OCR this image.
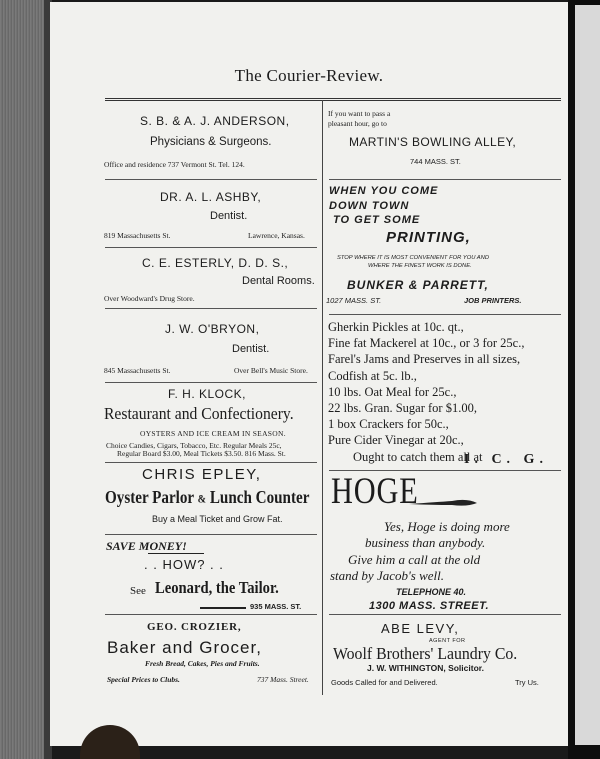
The Courier-Review.
S. B. & A. J. ANDERSON,
Physicians & Surgeons.
Office and residence 737 Vermont St. Tel. 124.
DR. A. L. ASHBY,
Dentist.
819 Massachusetts St.	Lawrence, Kansas.
C. E. ESTERLY, D. D. S.,
Dental Rooms.
Over Woodward's Drug Store.
J. W. O'BRYON,
Dentist.
845 Massachusetts St.	Over Bell's Music Store.
F. H. KLOCK,
Restaurant and Confectionery.
OYSTERS AND ICE CREAM IN SEASON.
Choice Candies, Cigars, Tobacco, Etc. Regular Meals 25c,
Regular Board $3.00, Meal Tickets $3.50. 816 Mass. St.
CHRIS EPLEY,
Oyster Parlor & Lunch Counter
Buy a Meal Ticket and Grow Fat.
SAVE MONEY!
. . HOW? . .
See Leonard, the Tailor.
935 MASS. ST.
GEO. CROZIER,
Baker and Grocer,
Fresh Bread, Cakes, Pies and Fruits.
Special Prices to Clubs.	737 Mass. Street.
If you want to pass a
pleasant hour, go to
MARTIN'S BOWLING ALLEY,
744 MASS. ST.
WHEN YOU COME
DOWN TOWN
TO GET SOME
PRINTING,
STOP WHERE IT IS MOST CONVENIENT FOR YOU AND
WHERE THE FINEST WORK IS DONE.
BUNKER & PARRETT,
1027 MASS. ST.	JOB PRINTERS.
Gherkin Pickles at 10c. qt.,
Fine fat Mackerel at 10c., or 3 for 25c.,
Farel's Jams and Preserves in all sizes,
Codfish at 5c. lb.,
10 lbs. Oat Meal for 25c.,
22 lbs. Gran. Sugar for $1.00,
1 box Crackers for 50c.,
Pure Cider Vinegar at 20c.,
Ought to catch them all at
I. C. G.
HOGE
Yes, Hoge is doing more
business than anybody.
Give him a call at the old
stand by Jacob's well.
TELEPHONE 40.
1300 MASS. STREET.
ABE LEVY,
AGENT FOR
Woolf Brothers' Laundry Co.
J. W. WITHINGTON, Solicitor.
Goods Called for and Delivered.	Try Us.
